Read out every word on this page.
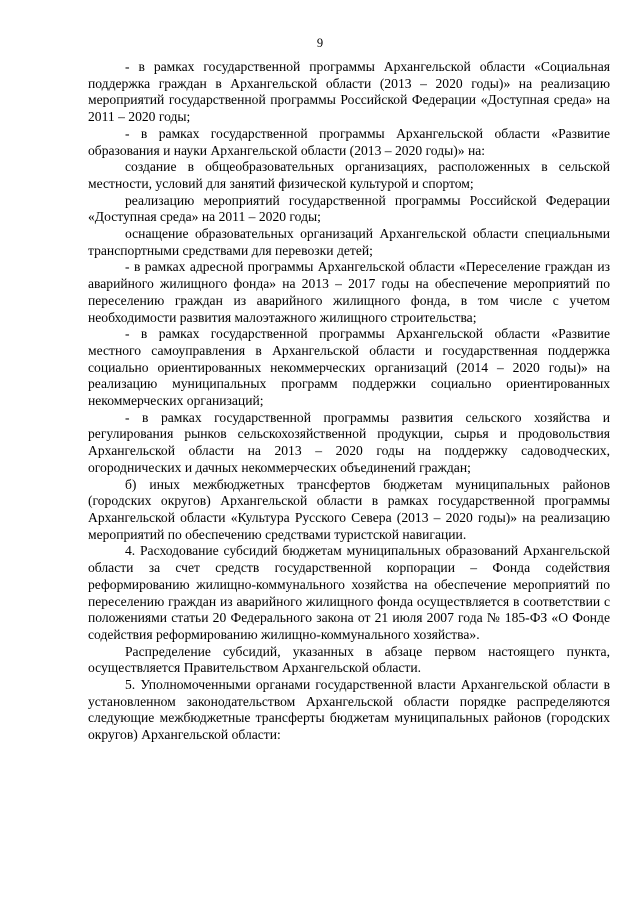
9

- в рамках государственной программы Архангельской области «Социальная поддержка граждан в Архангельской области (2013 – 2020 годы)» на реализацию мероприятий государственной программы Российской Федерации «Доступная среда» на 2011 – 2020 годы;

- в рамках государственной программы Архангельской области «Развитие образования и науки Архангельской области (2013 – 2020 годы)» на:

создание в общеобразовательных организациях, расположенных в сельской местности, условий для занятий физической культурой и спортом;

реализацию мероприятий государственной программы Российской Федерации «Доступная среда» на 2011 – 2020 годы;

оснащение образовательных организаций Архангельской области специальными транспортными средствами для перевозки детей;

- в рамках адресной программы Архангельской области «Переселение граждан из аварийного жилищного фонда» на 2013 – 2017 годы на обеспечение мероприятий по переселению граждан из аварийного жилищного фонда, в том числе с учетом необходимости развития малоэтажного жилищного строительства;

- в рамках государственной программы Архангельской области «Развитие местного самоуправления в Архангельской области и государственная поддержка социально ориентированных некоммерческих организаций (2014 – 2020 годы)» на реализацию муниципальных программ поддержки социально ориентированных некоммерческих организаций;

- в рамках государственной программы развития сельского хозяйства и регулирования рынков сельскохозяйственной продукции, сырья и продовольствия Архангельской области на 2013 – 2020 годы на поддержку садоводческих, огороднических и дачных некоммерческих объединений граждан;

б) иных межбюджетных трансфертов бюджетам муниципальных районов (городских округов) Архангельской области в рамках государственной программы Архангельской области «Культура Русского Севера (2013 – 2020 годы)» на реализацию мероприятий по обеспечению средствами туристской навигации.

4. Расходование субсидий бюджетам муниципальных образований Архангельской области за счет средств государственной корпорации – Фонда содействия реформированию жилищно-коммунального хозяйства на обеспечение мероприятий по переселению граждан из аварийного жилищного фонда осуществляется в соответствии с положениями статьи 20 Федерального закона от 21 июля 2007 года № 185-ФЗ «О Фонде содействия реформированию жилищно-коммунального хозяйства».

Распределение субсидий, указанных в абзаце первом настоящего пункта, осуществляется Правительством Архангельской области.

5. Уполномоченными органами государственной власти Архангельской области в установленном законодательством Архангельской области порядке распределяются следующие межбюджетные трансферты бюджетам муниципальных районов (городских округов) Архангельской области:
